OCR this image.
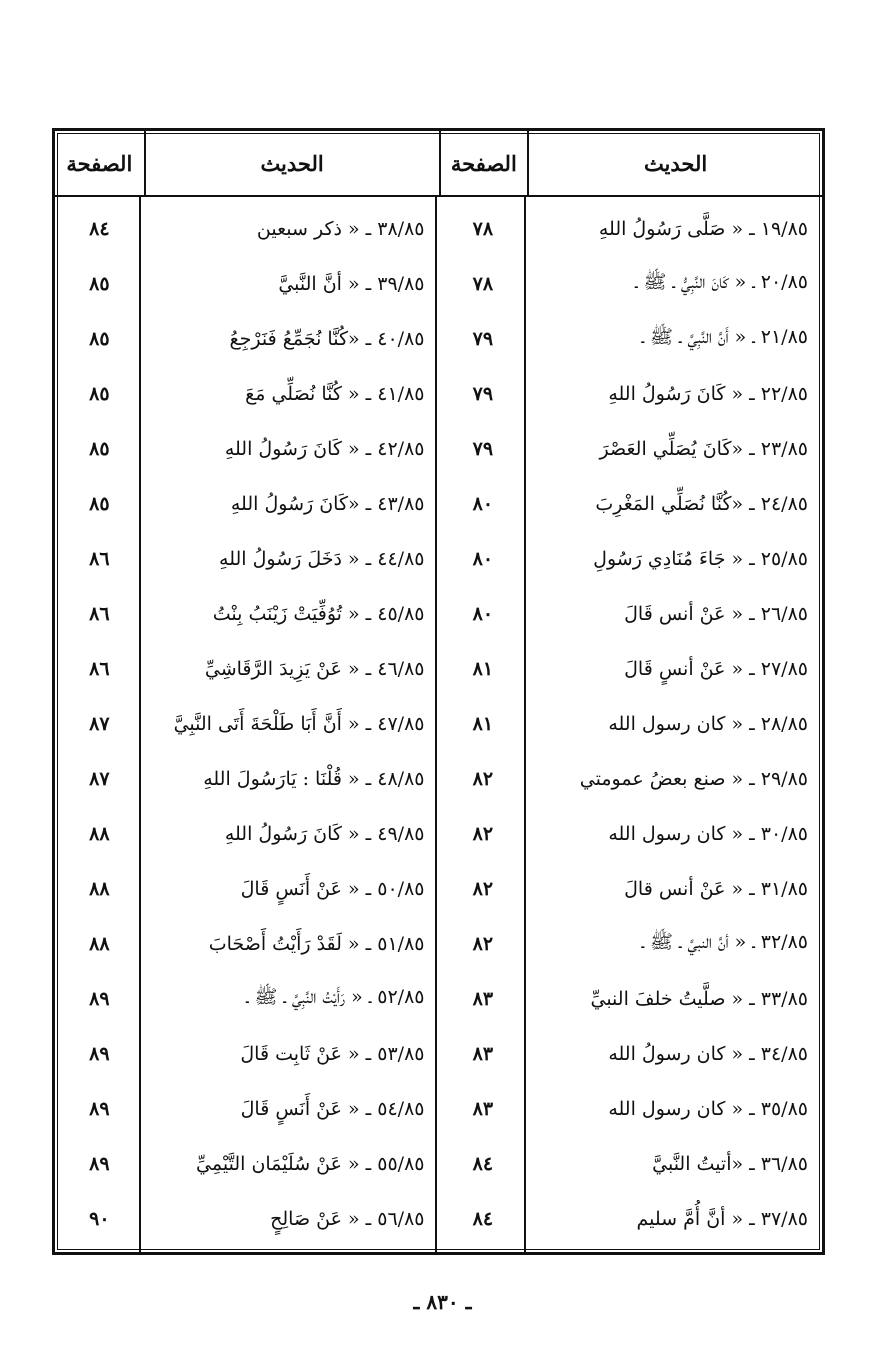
الحديث
الصفحة
الحديث
الصفحة
١٩/٨٥ ـ « صَلَّى رَسُولُ اللهِ
٧٨
٣٨/٨٥ ـ « ذكر سبعين
٨٤
٢٠/٨٥ ـ « كَانَ النَّبِيُّ ـ ﷺ ـ
٧٨
٣٩/٨٥ ـ « أنَّ النَّبيَّ
٨٥
٢١/٨٥ ـ « أَنَّ النَّبِيَّ ـ ﷺ ـ
٧٩
٤٠/٨٥ ـ «كُنَّا نُجَمِّعُ فَنَرْجِعُ
٨٥
٢٢/٨٥ ـ « كَانَ رَسُولُ اللهِ
٧٩
٤١/٨٥ ـ « كُنَّا نُصَلِّي مَعَ
٨٥
٢٣/٨٥ ـ «كَانَ يُصَلِّي العَصْرَ
٧٩
٤٢/٨٥ ـ « كَانَ رَسُولُ اللهِ
٨٥
٢٤/٨٥ ـ «كُنَّا نُصَلِّي المَغْرِبَ
٨٠
٤٣/٨٥ ـ «كَانَ رَسُولُ اللهِ
٨٥
٢٥/٨٥ ـ « جَاءَ مُنَادِي رَسُولِ
٨٠
٤٤/٨٥ ـ « دَخَلَ رَسُولُ اللهِ
٨٦
٢٦/٨٥ ـ « عَنْ أنس قَالَ
٨٠
٤٥/٨٥ ـ « تُوُفِّيَتْ زَيْنَبُ بِنْتُ
٨٦
٢٧/٨٥ ـ « عَنْ أنسٍ قَالَ
٨١
٤٦/٨٥ ـ « عَنْ يَزِيدَ الرَّقَاشِيِّ
٨٦
٢٨/٨٥ ـ « كان رسول الله
٨١
٤٧/٨٥ ـ « أَنَّ أَبَا طَلْحَةَ أَتَى النَّبِيَّ
٨٧
٢٩/٨٥ ـ « صنع بعضُ عمومتي
٨٢
٤٨/٨٥ ـ « قُلْنَا : يَارَسُولَ اللهِ
٨٧
٣٠/٨٥ ـ « كان رسول الله
٨٢
٤٩/٨٥ ـ « كَانَ رَسُولُ اللهِ
٨٨
٣١/٨٥ ـ « عَنْ أنس قالَ
٨٢
٥٠/٨٥ ـ « عَنْ أَنَسٍ قَالَ
٨٨
٣٢/٨٥ ـ « أنَّ النبيَّ ـ ﷺ ـ
٨٢
٥١/٨٥ ـ « لَقَدْ رَأَيْتُ أَصْحَابَ
٨٨
٣٣/٨٥ ـ « صلَّيتُ خلفَ النبيِّ
٨٣
٥٢/٨٥ ـ « رَأَيْتُ النَّبِيَّ ـ ﷺ ـ
٨٩
٣٤/٨٥ ـ « كان رسولُ الله
٨٣
٥٣/٨٥ ـ « عَنْ ثَابِت قَالَ
٨٩
٣٥/٨٥ ـ « كان رسول الله
٨٣
٥٤/٨٥ ـ « عَنْ أَنَسٍ قَالَ
٨٩
٣٦/٨٥ ـ «أتيتُ النَّبيَّ
٨٤
٥٥/٨٥ ـ « عَنْ سُلَيْمَان التَّيْمِيِّ
٨٩
٣٧/٨٥ ـ « أنَّ أُمَّ سليم
٨٤
٥٦/٨٥ ـ « عَنْ صَالِحٍ
٩٠
ـ ٨٣٠ ـ
